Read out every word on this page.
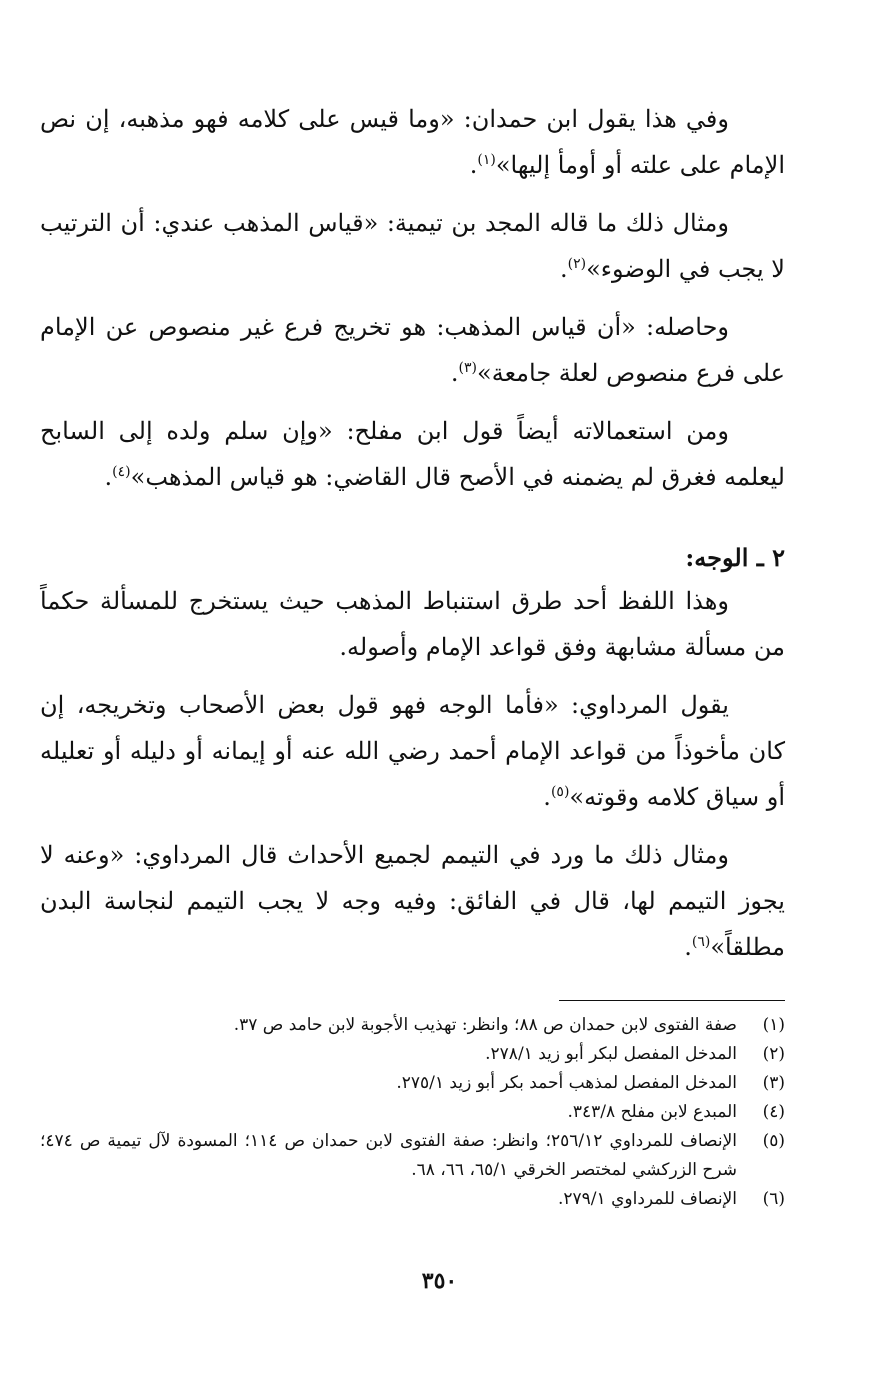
وفي هذا يقول ابن حمدان: «وما قيس على كلامه فهو مذهبه، إن نص الإمام على علته أو أومأ إليها»$^{(١)}$.

ومثال ذلك ما قاله المجد بن تيمية: «قياس المذهب عندي: أن الترتيب لا يجب في الوضوء»$^{(٢)}$.

وحاصله: «أن قياس المذهب: هو تخريج فرع غير منصوص عن الإمام على فرع منصوص لعلة جامعة»$^{(٣)}$.

ومن استعمالاته أيضاً قول ابن مفلح: «وإن سلم ولده إلى السابح ليعلمه فغرق لم يضمنه في الأصح قال القاضي: هو قياس المذهب»$^{(٤)}$.

٢ ـ الوجه:

وهذا اللفظ أحد طرق استنباط المذهب حيث يستخرج للمسألة حكماً من مسألة مشابهة وفق قواعد الإمام وأصوله.

يقول المرداوي: «فأما الوجه فهو قول بعض الأصحاب وتخريجه، إن كان مأخوذاً من قواعد الإمام أحمد رضي الله عنه أو إيمانه أو دليله أو تعليله أو سياق كلامه وقوته»$^{(٥)}$.

ومثال ذلك ما ورد في التيمم لجميع الأحداث قال المرداوي: «وعنه لا يجوز التيمم لها، قال في الفائق: وفيه وجه لا يجب التيمم لنجاسة البدن مطلقاً»$^{(٦)}$.

(١)
صفة الفتوى لابن حمدان ص ٨٨؛ وانظر: تهذيب الأجوبة لابن حامد ص ٣٧.
(٢)
المدخل المفصل لبكر أبو زيد ٢٧٨/١.
(٣)
المدخل المفصل لمذهب أحمد بكر أبو زيد ٢٧٥/١.
(٤)
المبدع لابن مفلح ٣٤٣/٨.
(٥)
الإنصاف للمرداوي ٢٥٦/١٢؛ وانظر: صفة الفتوى لابن حمدان ص ١١٤؛ المسودة لآل تيمية ص ٤٧٤؛ شرح الزركشي لمختصر الخرقي ٦٥/١، ٦٦، ٦٨.
(٦)
الإنصاف للمرداوي ٢٧٩/١.
٣٥٠
